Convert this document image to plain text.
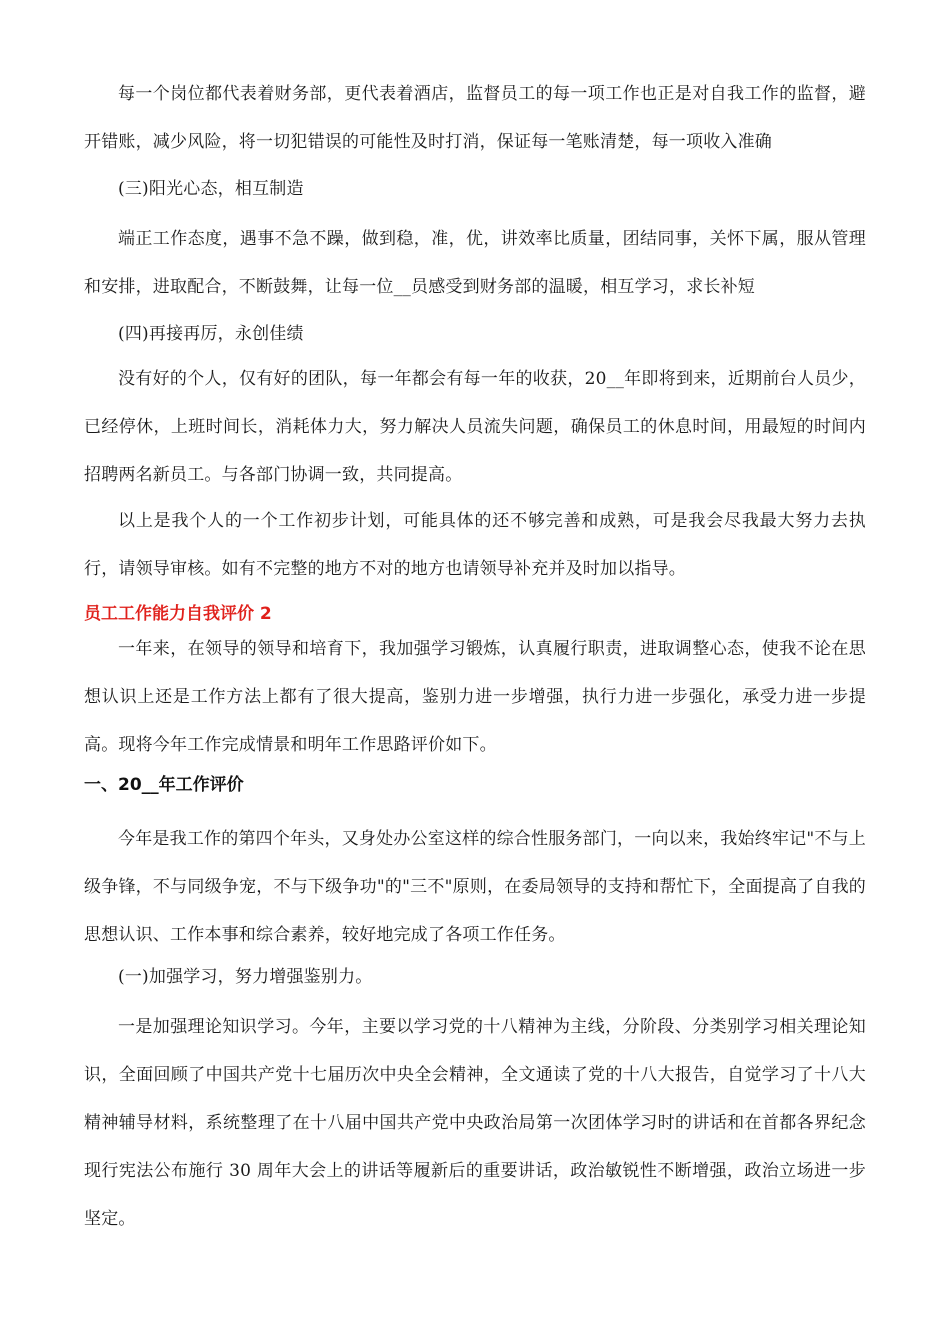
每一个岗位都代表着财务部，更代表着酒店，监督员工的每一项工作也正是对自我工作的监督，避开错账，减少风险，将一切犯错误的可能性及时打消，保证每一笔账清楚，每一项收入准确

(三)阳光心态，相互制造

端正工作态度，遇事不急不躁，做到稳，准，优，讲效率比质量，团结同事，关怀下属，服从管理和安排，进取配合，不断鼓舞，让每一位__员感受到财务部的温暖，相互学习，求长补短

(四)再接再厉，永创佳绩

没有好的个人，仅有好的团队，每一年都会有每一年的收获，20__年即将到来，近期前台人员少，已经停休，上班时间长，消耗体力大，努力解决人员流失问题，确保员工的休息时间，用最短的时间内招聘两名新员工。与各部门协调一致，共同提高。

以上是我个人的一个工作初步计划，可能具体的还不够完善和成熟，可是我会尽我最大努力去执行，请领导审核。如有不完整的地方不对的地方也请领导补充并及时加以指导。

员工工作能力自我评价 2

一年来，在领导的领导和培育下，我加强学习锻炼，认真履行职责，进取调整心态，使我不论在思想认识上还是工作方法上都有了很大提高，鉴别力进一步增强，执行力进一步强化，承受力进一步提高。现将今年工作完成情景和明年工作思路评价如下。

一、20__年工作评价

今年是我工作的第四个年头，又身处办公室这样的综合性服务部门，一向以来，我始终牢记"不与上级争锋，不与同级争宠，不与下级争功"的"三不"原则，在委局领导的支持和帮忙下，全面提高了自我的思想认识、工作本事和综合素养，较好地完成了各项工作任务。

(一)加强学习，努力增强鉴别力。

一是加强理论知识学习。今年，主要以学习党的十八精神为主线，分阶段、分类别学习相关理论知识，全面回顾了中国共产党十七届历次中央全会精神，全文通读了党的十八大报告，自觉学习了十八大精神辅导材料，系统整理了在十八届中国共产党中央政治局第一次团体学习时的讲话和在首都各界纪念现行宪法公布施行 30 周年大会上的讲话等履新后的重要讲话，政治敏锐性不断增强，政治立场进一步坚定。
